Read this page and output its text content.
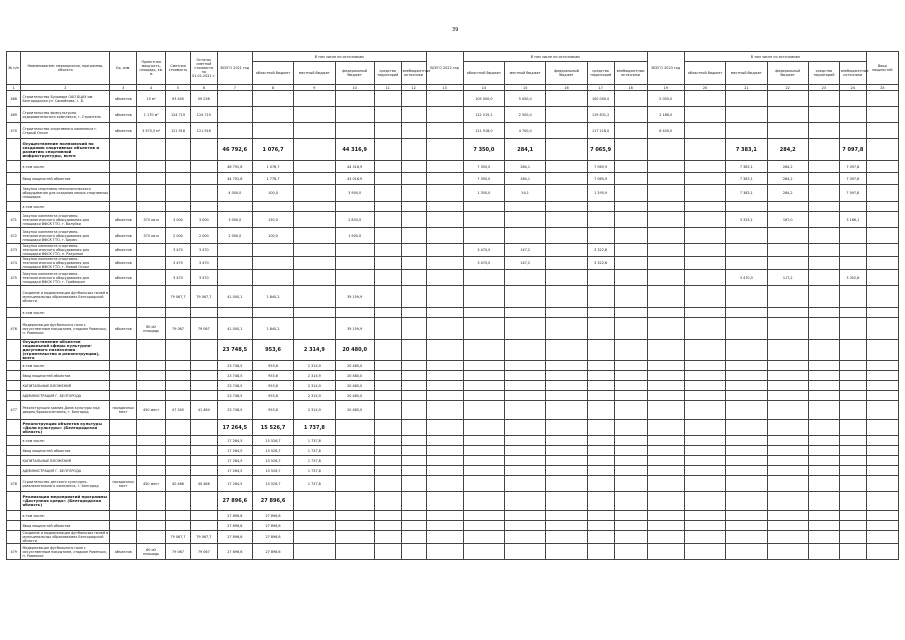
39
№ п/п	Наименование: мероприятия, программы, объекта	Ед. изм.	Проектная мощность, площадь, кв. м	Сметная стоимость	Остаток сметной стоимости на 01.01.2021 г.	ВСЕГО 2021 год	В том числе по источникам					ВСЕГО 2022 год	В том числе по источникам					ВСЕГО 2023 год	В том числе по источникам					Ввод мощностей
							областной бюджет	местный бюджет	федеральный бюджет	средства территорий	внебюджетные источники		областной бюджет	местный бюджет	федеральный бюджет	средства территорий	внебюджетные источники		областной бюджет	местный бюджет	федеральный бюджет	средства территорий	внебюджетные источники	
1	2	3	4	5	6	7	8	9	10	11	12	13	14	15	16	17	18	19	20	21	22	23	24	25
468	Строительство Бульвара ОАО БЦАУ им. Белгородская ул. Самойлова, г. Б.	объектов	15 м²	93 400	59 236								105 000,0	5 000,0		100 000,0		5 000,0						
469	Строительство физкультурно-оздоровительного комплекса, г. Строитель	объектов	1 170 м²	124 719	124 719								122 519,2	2 500,0		119 831,2		2 188,0						
470	Строительство спортивного комплекса г. Старый Оскол	объектов	3 970,5 м²	121 918	121 918								121 918,0	4 700,0		117 218,0		6 400,0						
	Осуществление полномочий по созданию спортивных объектов и развитию спортивной инфраструктуры, всего					46 792,6	1 076,7		44 316,9				7 350,0	284,1		7 065,9				7 383,1	284,2		7 097,8	
	в том числе:					46 792,6	1 076,7		44 316,9				7 350,0	284,1		7 065,9				7 383,1	284,2		7 097,8	
	Ввод мощностей объектов					44 792,6	1 776,7		43 016,9				7 350,0	284,1		7 065,9				7 383,1	284,2		7 097,8	
	Закупка спортивно-технологического оборудования для создания малых спортивных площадок					4 000,0	100,0		3 900,0				1 350,0	54,1		1 295,9				7 383,1	284,2		7 097,8	
	в том числе:																							
471	Закупка комплекта спортивно-технологического оборудования для площадки ВФСК ГТО, г. Валуйки	объектов	570 кв.м	3 000	3 000	3 000,0	150,0		2 850,0											3 333,1	167,0		3 166,1	
472	Закупка комплекта спортивно-технологического оборудования для площадки ВФСК ГТО, г. Бирюч	объектов	570 кв.м	2 000	2 000	2 000,0	100,0		1 900,0															
473	Закупка комплекта спортивно-технологического оборудования для площадки ВФСК ГТО, п. Разумное	объектов		3 470	3 470								3 470,0	147,2		3 322,8								
474	Закупка комплекта спортивно-технологического оборудования для площадки ВФСК ГТО, г. Новый Оскол	объектов		3 470	3 470								3 470,0	147,2		3 322,8								
475	Закупка комплекта спортивно-технологического оборудования для площадки ВФСК ГТО, г. Грайворон	объектов		3 470	3 470															3 470,0	117,2		3 352,8	
	Создание и модернизация футбольных полей в муниципальных образованиях Белгородской области			79 067,7	79 067,7	41 000,1	1 840,2		39 159,9															
	в том числе:																							
476	Модернизация футбольного поля с искусственным покрытием, стадион Ровеньки, п. Ровеньки	объектов	60 м2 площадь	79 067	79 067	41 000,1	1 840,2		39 159,9															
	Осуществление объектов социальной сферы культурно-досугового назначения (строительство и реконструкция), всего					23 748,5	953,6	2 314,9	20 480,0															
	в том числе:					23 748,5	953,6	2 314,9	20 480,0															
	Ввод мощностей объектов					23 748,5	953,6	2 314,9	20 480,0															
	КАПИТАЛЬНЫЕ ВЛОЖЕНИЯ					23 748,5	953,6	2 314,9	20 480,0															
	АДМИНИСТРАЦИЯ Г. БЕЛГОРОДА					23 748,5	953,6	2 314,9	20 480,0															
477	Реконструкция здания Дома культуры под дворец бракосочетания, г. Белгород	посадочных мест	450 мест	47 345	41 484	23 748,5	953,6	2 314,9	20 480,0															
	Реконструкция объектов культуры «Доли культуры» (Белгородская область)					17 264,5	15 526,7	1 737,8																
	в том числе:					17 264,5	15 526,7	1 737,8																
	Ввод мощностей объектов					17 264,5	15 526,7	1 737,8																
	КАПИТАЛЬНЫЕ ВЛОЖЕНИЯ					17 264,5	15 526,7	1 737,8																
	АДМИНИСТРАЦИЯ Г. БЕЛГОРОДА					17 264,5	15 526,7	1 737,8																
478	Строительство детского культурно-развлекательного комплекса, г. Белгород	посадочных мест	450 мест	40 486	40 486	17 264,5	15 526,7	1 737,8																
	Реализация мероприятий программы «Доступная среда» (Белгородская область)					27 896,6	27 896,6																	
	в том числе:					27 896,6	27 896,6																	
	Ввод мощностей объектов					27 896,6	27 896,6																	
	Создание и модернизация футбольных полей в муниципальных образованиях Белгородской области			79 067,7	79 067,7	27 896,6	27 896,6																	
479	Модернизация футбольного поля с искусственным покрытием, стадион Ровеньки, п. Ровеньки	объектов	60 м2 площадь	79 067	79 067	27 896,6	27 896,6																	
